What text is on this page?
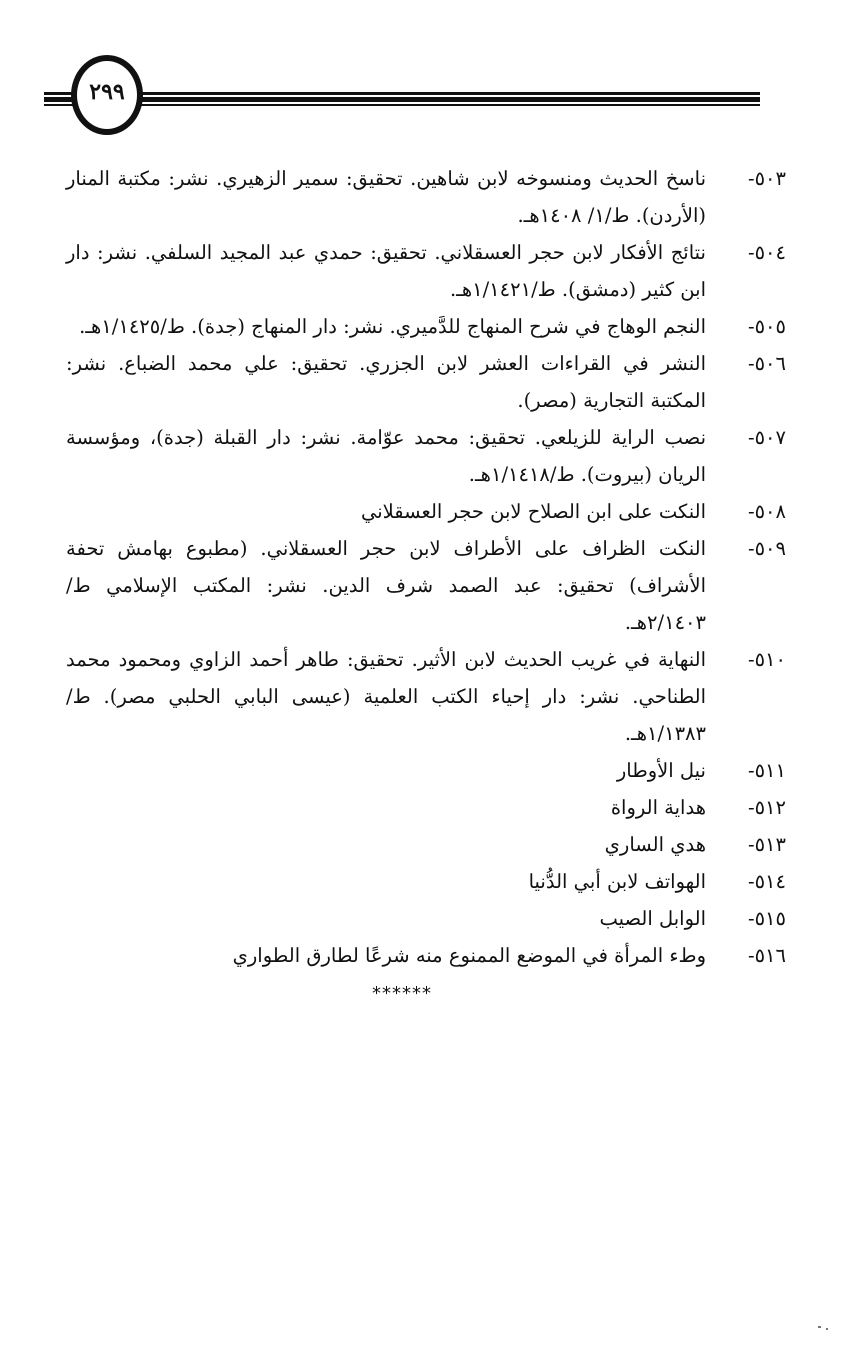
٢٩٩

٥٠٣-
ناسخ الحديث ومنسوخه لابن شاهين. تحقيق: سمير الزهيري. نشر: مكتبة المنار (الأردن). ط/١/ ١٤٠٨هـ.

٥٠٤-
نتائج الأفكار لابن حجر العسقلاني. تحقيق: حمدي عبد المجيد السلفي. نشر: دار ابن كثير (دمشق). ط/١/١٤٢١هـ.

٥٠٥-
النجم الوهاج في شرح المنهاج للدَّميري. نشر: دار المنهاج (جدة). ط/١/١٤٢٥هـ.

٥٠٦-
النشر في القراءات العشر لابن الجزري. تحقيق: علي محمد الضباع. نشر: المكتبة التجارية (مصر).

٥٠٧-
نصب الراية للزيلعي. تحقيق: محمد عوّامة. نشر: دار القبلة (جدة)، ومؤسسة الريان (بيروت). ط/١/١٤١٨هـ.

٥٠٨-
النكت على ابن الصلاح لابن حجر العسقلاني

٥٠٩-
النكت الظراف على الأطراف لابن حجر العسقلاني. (مطبوع بهامش تحفة الأشراف) تحقيق: عبد الصمد شرف الدين. نشر: المكتب الإسلامي ط/ ٢/١٤٠٣هـ.

٥١٠-
النهاية في غريب الحديث لابن الأثير. تحقيق: طاهر أحمد الزاوي ومحمود محمد الطناحي. نشر: دار إحياء الكتب العلمية (عيسى البابي الحلبي مصر). ط/١/١٣٨٣هـ.

٥١١-
نيل الأوطار

٥١٢-
هداية الرواة

٥١٣-
هدي الساري

٥١٤-
الهواتف لابن أبي الدُّنيا

٥١٥-
الوابل الصيب

٥١٦-
وطء المرأة في الموضع الممنوع منه شرعًا لطارق الطواري

******
